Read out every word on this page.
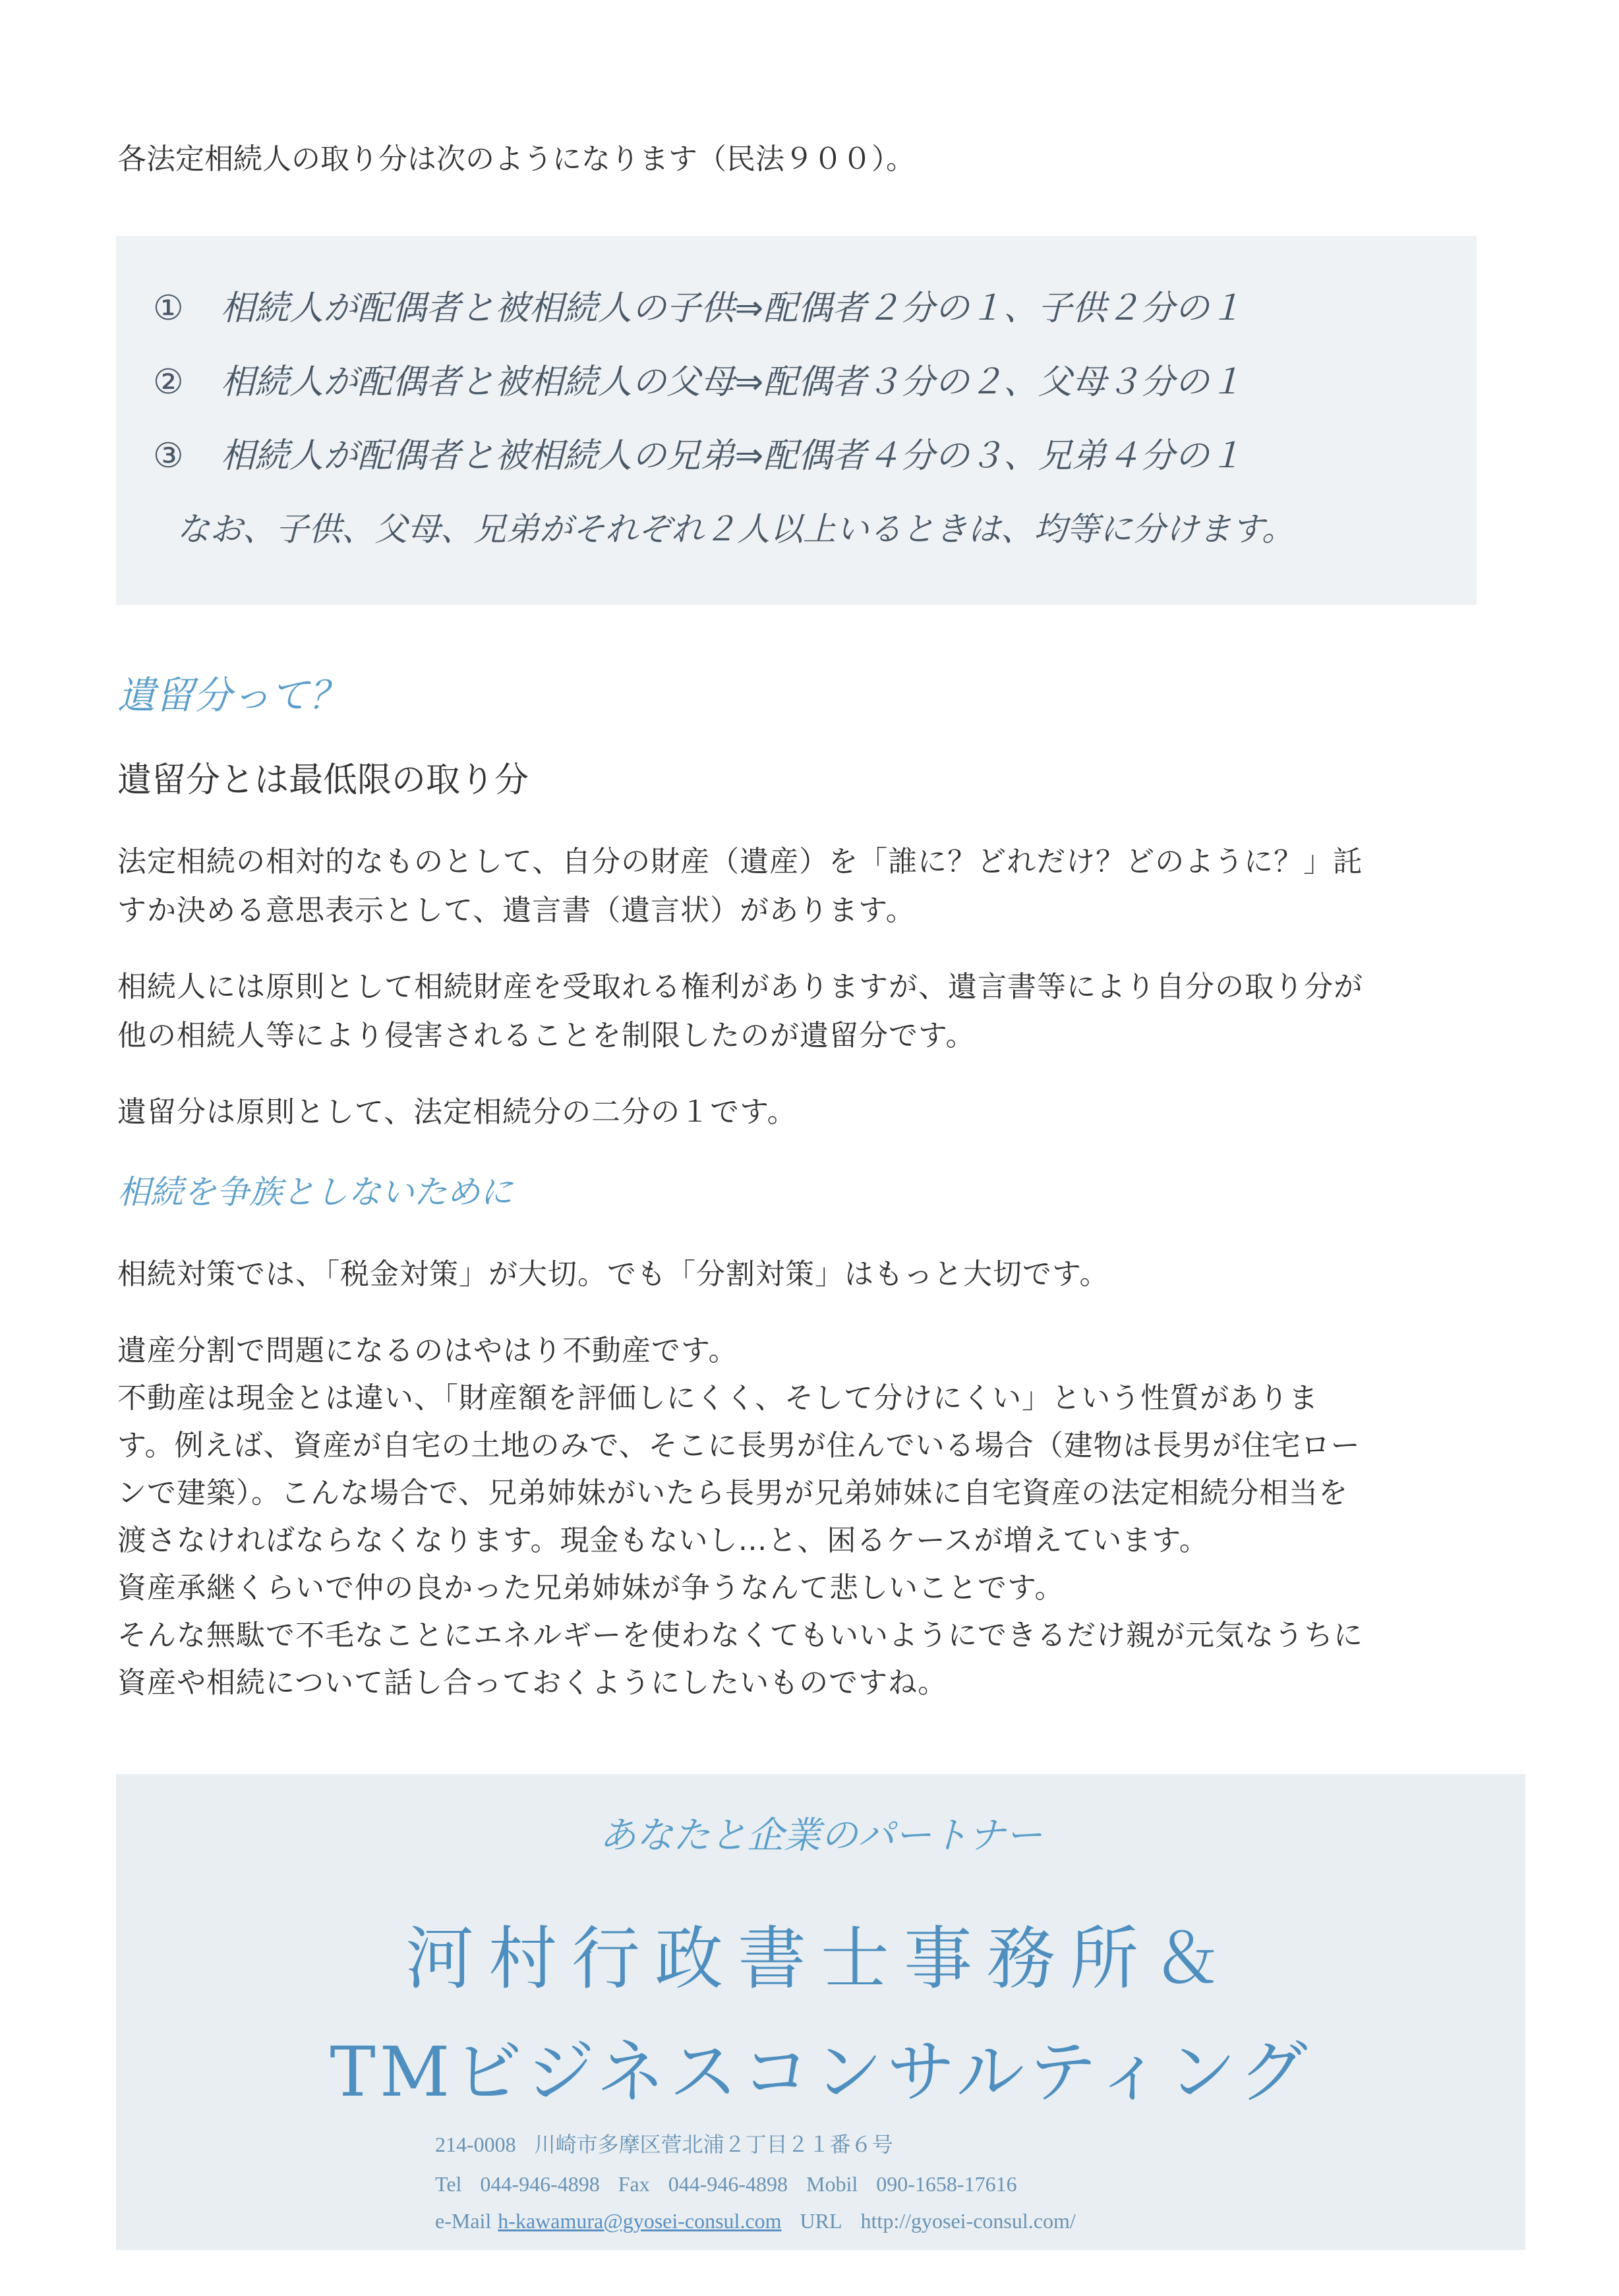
各法定相続人の取り分は次のようになります（民法９００）。
① 相続人が配偶者と被相続人の子供⇒配偶者２分の１、子供２分の１
② 相続人が配偶者と被相続人の父母⇒配偶者３分の２、父母３分の１
③ 相続人が配偶者と被相続人の兄弟⇒配偶者４分の３、兄弟４分の１
なお、子供、父母、兄弟がそれぞれ２人以上いるときは、均等に分けます。
遺留分って？
遺留分とは最低限の取り分
法定相続の相対的なものとして、自分の財産（遺産）を「誰に？どれだけ？どのように？」託
すか決める意思表示として、遺言書（遺言状）があります。
相続人には原則として相続財産を受取れる権利がありますが、遺言書等により自分の取り分が
他の相続人等により侵害されることを制限したのが遺留分です。
遺留分は原則として、法定相続分の二分の１です。
相続を争族としないために
相続対策では、「税金対策」が大切。でも「分割対策」はもっと大切です。
遺産分割で問題になるのはやはり不動産です。
不動産は現金とは違い、「財産額を評価しにくく、そして分けにくい」という性質がありま
す。例えば、資産が自宅の土地のみで、そこに長男が住んでいる場合（建物は長男が住宅ロー
ンで建築）。こんな場合で、兄弟姉妹がいたら長男が兄弟姉妹に自宅資産の法定相続分相当を
渡さなければならなくなります。現金もないし…と、困るケースが増えています。
資産承継くらいで仲の良かった兄弟姉妹が争うなんて悲しいことです。
そんな無駄で不毛なことにエネルギーを使わなくてもいいようにできるだけ親が元気なうちに
資産や相続について話し合っておくようにしたいものですね。
あなたと企業のパートナー
河村行政書士事務所＆
TMビジネスコンサルティング
214-0008 川崎市多摩区菅北浦２丁目２１番６号
Tel 044-946-4898 Fax 044-946-4898 Mobil 090-1658-17616
e-Mail h-kawamura@gyosei-consul.com URL http://gyosei-consul.com/
